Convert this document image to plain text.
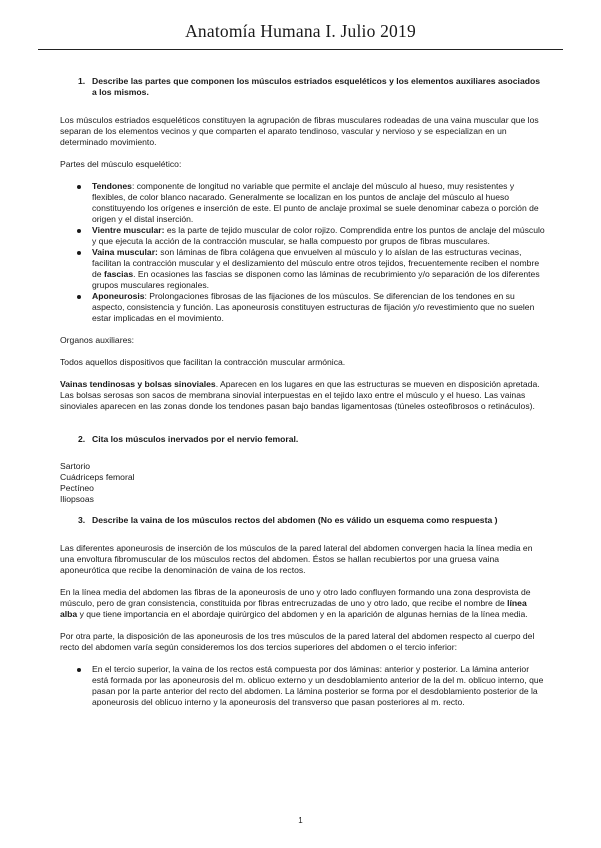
Anatomía Humana I. Julio 2019
1. Describe las partes que componen los músculos estriados esqueléticos y los elementos auxiliares asociados a los mismos.

Los músculos estriados esqueléticos constituyen la agrupación de fibras musculares rodeadas de una vaina muscular que los separan de los elementos vecinos y que comparten el aparato tendinoso, vascular y nervioso y se especializan en un determinado movimiento.

Partes del músculo esquelético:

Tendones: componente de longitud no variable que permite el anclaje del músculo al hueso, muy resistentes y flexibles, de color blanco nacarado. Generalmente se localizan en los puntos de anclaje del músculo al hueso constituyendo los orígenes e inserción de este. El punto de anclaje proximal se suele denominar cabeza o porción de origen y el distal inserción.
Vientre muscular: es la parte de tejido muscular de color rojizo. Comprendida entre los puntos de anclaje del músculo y que ejecuta la acción de la contracción muscular, se halla compuesto por grupos de fibras musculares.
Vaina muscular: son láminas de fibra colágena que envuelven al músculo y lo aíslan de las estructuras vecinas, facilitan la contracción muscular y el deslizamiento del músculo entre otros tejidos, frecuentemente reciben el nombre de fascias. En ocasiones las fascias se disponen como las láminas de recubrimiento y/o separación de los diferentes grupos musculares regionales.
Aponeurosis: Prolongaciones fibrosas de las fijaciones de los músculos. Se diferencian de los tendones en su aspecto, consistencia y función. Las aponeurosis constituyen estructuras de fijación y/o revestimiento que no suelen estar implicadas en el movimiento.

Organos auxiliares:

Todos aquellos dispositivos que facilitan la contracción muscular armónica.

Vainas tendinosas y bolsas sinoviales. Aparecen en los lugares en que las estructuras se mueven en disposición apretada. Las bolsas serosas son sacos de membrana sinovial interpuestas en el tejido laxo entre el músculo y el hueso. Las vainas sinoviales aparecen en las zonas donde los tendones pasan bajo bandas ligamentosas (túneles osteofibrosos o retináculos).

2. Cita los músculos inervados por el nervio femoral.

Sartorio

Cuádriceps femoral

Pectíneo

Iliopsoas

3. Describe la vaina de los músculos rectos del abdomen (No es válido un esquema como respuesta )

Las diferentes aponeurosis de inserción de los músculos de la pared lateral del abdomen convergen hacia la línea media en una envoltura fibromuscular de los músculos rectos del abdomen. Éstos se hallan recubiertos por una gruesa vaina aponeurótica que recibe la denominación de vaina de los rectos.

En la línea media del abdomen las fibras de la aponeurosis de uno y otro lado confluyen formando una zona desprovista de músculo, pero de gran consistencia, constituida por fibras entrecruzadas de uno y otro lado, que recibe el nombre de línea alba y que tiene importancia en el abordaje quirúrgico del abdomen y en la aparición de algunas hernias de la línea media.

Por otra parte, la disposición de las aponeurosis de los tres músculos de la pared lateral del abdomen respecto al cuerpo del recto del abdomen varía según consideremos los dos tercios superiores del abdomen o el tercio inferior:

En el tercio superior, la vaina de los rectos está compuesta por dos láminas: anterior y posterior. La lámina anterior está formada por las aponeurosis del m. oblicuo externo y un desdoblamiento anterior de la del m. oblicuo interno, que pasan por la parte anterior del recto del abdomen. La lámina posterior se forma por el desdoblamiento posterior de la aponeurosis del oblicuo interno y la aponeurosis del transverso que pasan posteriores al m. recto.
1
